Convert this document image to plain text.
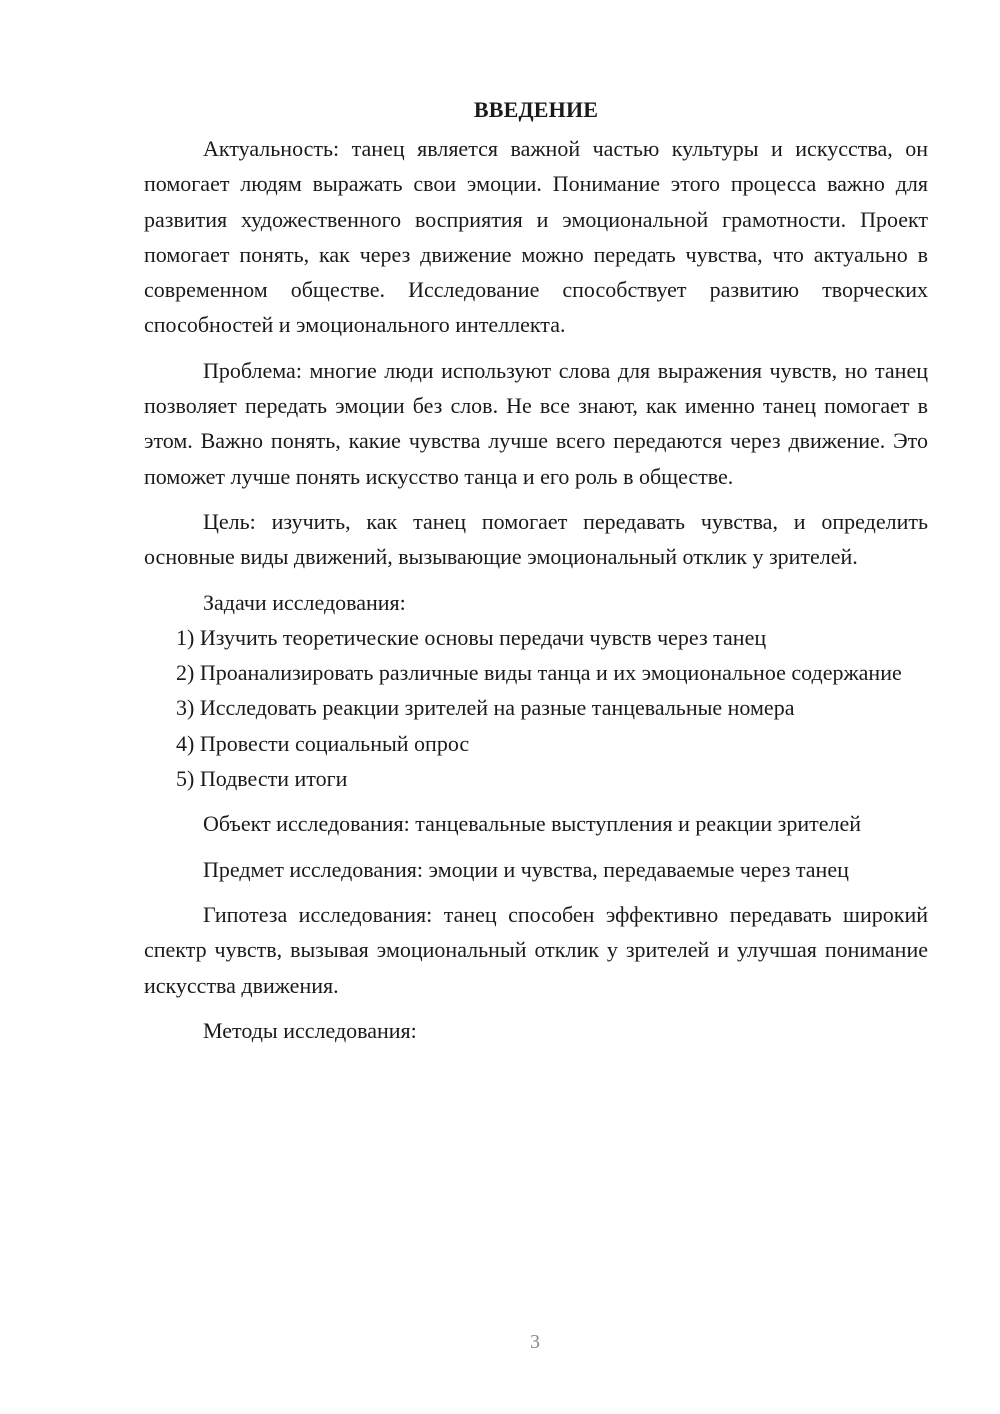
ВВЕДЕНИЕ

Актуальность: танец является важной частью культуры и искусства, он помогает людям выражать свои эмоции. Понимание этого процесса важно для развития художественного восприятия и эмоциональной грамотности. Проект помогает понять, как через движение можно передать чувства, что актуально в современном обществе. Исследование способствует развитию творческих способностей и эмоционального интеллекта.

Проблема: многие люди используют слова для выражения чувств, но танец позволяет передать эмоции без слов. Не все знают, как именно танец помогает в этом. Важно понять, какие чувства лучше всего передаются через движение. Это поможет лучше понять искусство танца и его роль в обществе.

Цель: изучить, как танец помогает передавать чувства, и определить основные виды движений, вызывающие эмоциональный отклик у зрителей.

Задачи исследования:

1) Изучить теоретические основы передачи чувств через танец

2) Проанализировать различные виды танца и их эмоциональное содержание

3) Исследовать реакции зрителей на разные танцевальные номера

4) Провести социальный опрос

5) Подвести итоги

Объект исследования: танцевальные выступления и реакции зрителей

Предмет исследования: эмоции и чувства, передаваемые через танец

Гипотеза исследования: танец способен эффективно передавать широкий спектр чувств, вызывая эмоциональный отклик у зрителей и улучшая понимание искусства движения.

Методы исследования:

3
